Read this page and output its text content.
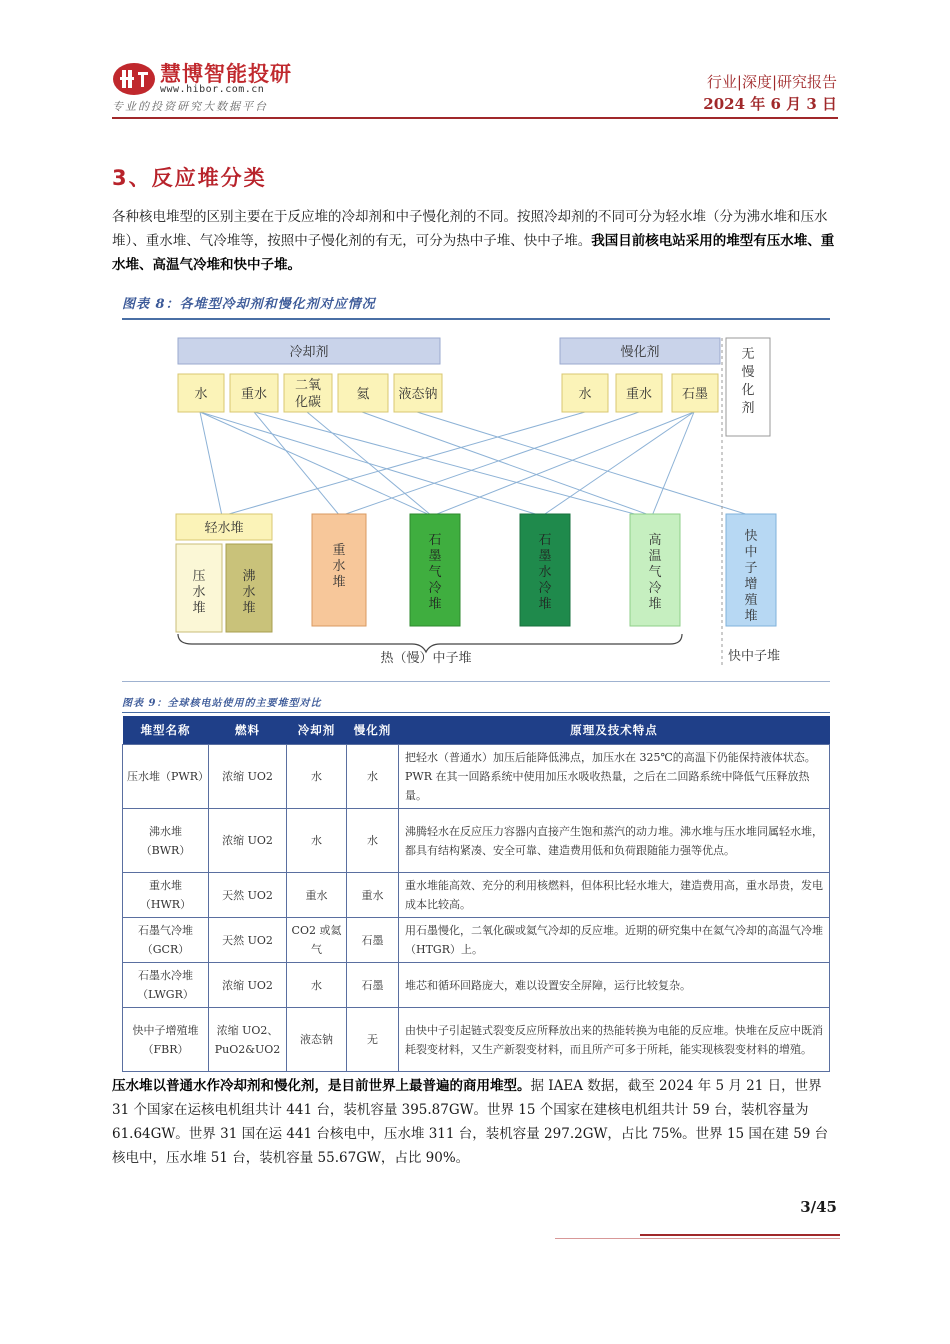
慧博智能投研
www.hibor.com.cn
专业的投资研究大数据平台
行业|深度|研究报告
2024 年 6 月 3 日
3、反应堆分类
各种核电堆型的区别主要在于反应堆的冷却剂和中子慢化剂的不同。按照冷却剂的不同可分为轻水堆（分为沸水堆和压水堆）、重水堆、气冷堆等，按照中子慢化剂的有无，可分为热中子堆、快中子堆。我国目前核电站采用的堆型有压水堆、重水堆、高温气冷堆和快中子堆。
图表 8：各堆型冷却剂和慢化剂对应情况
冷却剂	慢化剂	无
慢
化
剂
水	重水
二氧
化碳
氦 液态钠	水	重水 石墨
轻水堆
压
水
堆
沸
水
堆
重
水
堆
石
墨
气
冷
堆
石
墨
水
冷
堆
高
温
气
冷
堆
快
中
子
增
殖
堆
热（慢）中子堆	快中子堆
图表 9：全球核电站使用的主要堆型对比
堆型名称	燃料	冷却剂	慢化剂	原理及技术特点
压水堆（PWR）	浓缩 UO2	水	水	把轻水（普通水）加压后能降低沸点，加压水在 325℃的高温下仍能保持液体状态。PWR 在其一回路系统中使用加压水吸收热量，之后在二回路系统中降低气压释放热量。
沸水堆（BWR）	浓缩 UO2	水	水	沸腾轻水在反应压力容器内直接产生饱和蒸汽的动力堆。沸水堆与压水堆同属轻水堆，都具有结构紧凑、安全可靠、建造费用低和负荷跟随能力强等优点。
重水堆（HWR）	天然 UO2	重水	重水	重水堆能高效、充分的利用核燃料，但体积比轻水堆大，建造费用高，重水昂贵，发电成本比较高。
石墨气冷堆（GCR）	天然 UO2	CO2 或氦气	石墨	用石墨慢化，二氧化碳或氦气冷却的反应堆。近期的研究集中在氦气冷却的高温气冷堆（HTGR）上。
石墨水冷堆（LWGR）	浓缩 UO2	水	石墨	堆芯和循环回路庞大，难以设置安全屏障，运行比较复杂。
快中子增殖堆（FBR）	浓缩 UO2、PuO2&UO2	液态钠	无	由快中子引起链式裂变反应所释放出来的热能转换为电能的反应堆。快堆在反应中既消耗裂变材料，又生产新裂变材料，而且所产可多于所耗，能实现核裂变材料的增殖。
压水堆以普通水作冷却剂和慢化剂，是目前世界上最普遍的商用堆型。据 IAEA 数据，截至 2024 年 5 月 21 日，世界 31 个国家在运核电机组共计 441 台，装机容量 395.87GW。世界 15 个国家在建核电机组共计 59 台，装机容量为 61.64GW。世界 31 国在运 441 台核电中，压水堆 311 台，装机容量 297.2GW，占比 75%。世界 15 国在建 59 台核电中，压水堆 51 台，装机容量 55.67GW，占比 90%。
3/45
